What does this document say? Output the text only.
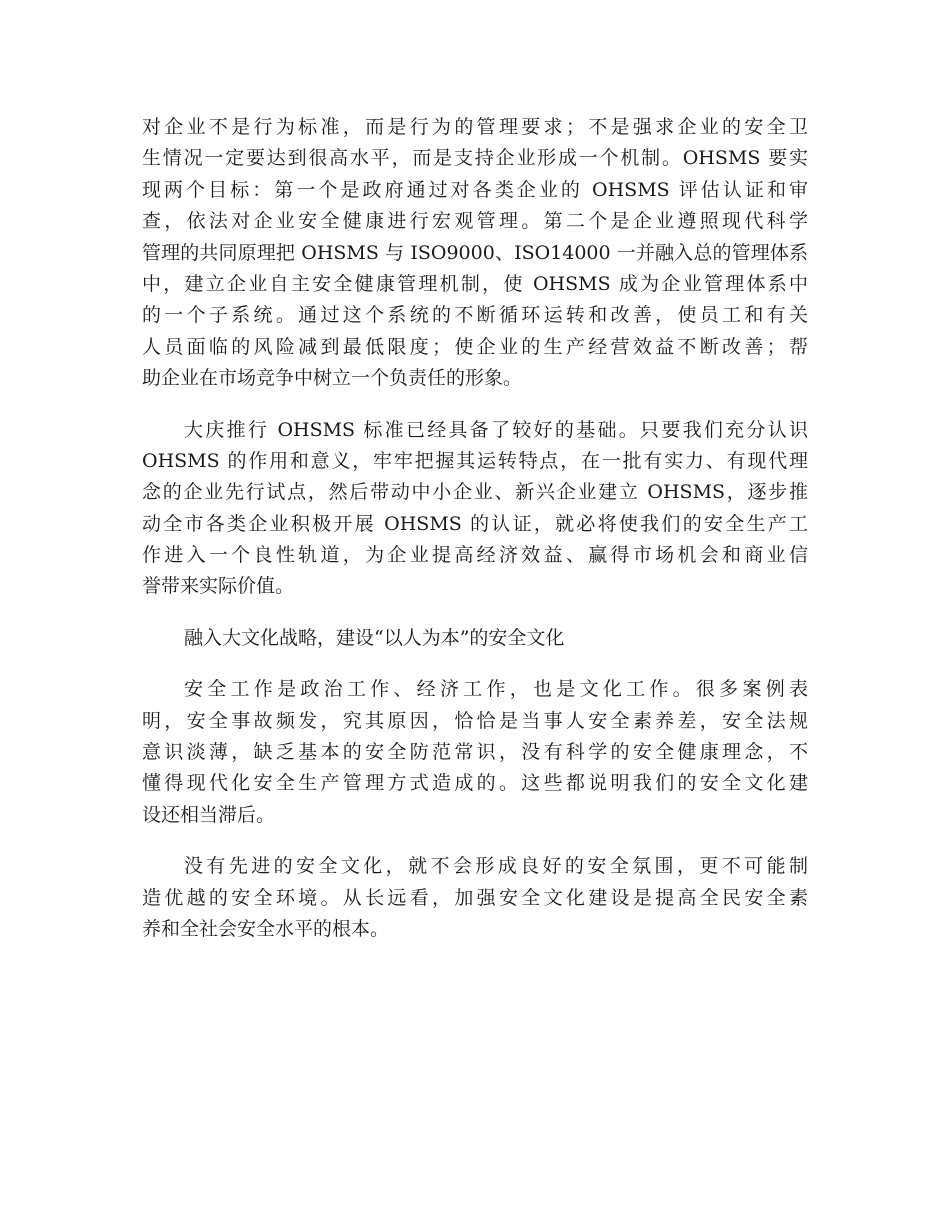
对企业不是行为标准，而是行为的管理要求；不是强求企业的安全卫
生情况一定要达到很高水平，而是支持企业形成一个机制。OHSMS 要实
现两个目标：第一个是政府通过对各类企业的 OHSMS 评估认证和审
查，依法对企业安全健康进行宏观管理。第二个是企业遵照现代科学
管理的共同原理把 OHSMS 与 ISO9000、ISO14000 一并融入总的管理体系
中，建立企业自主安全健康管理机制，使 OHSMS 成为企业管理体系中
的一个子系统。通过这个系统的不断循环运转和改善，使员工和有关
人员面临的风险减到最低限度；使企业的生产经营效益不断改善；帮
助企业在市场竞争中树立一个负责任的形象。
大庆推行 OHSMS 标准已经具备了较好的基础。只要我们充分认识
OHSMS 的作用和意义，牢牢把握其运转特点，在一批有实力、有现代理
念的企业先行试点，然后带动中小企业、新兴企业建立 OHSMS，逐步推
动全市各类企业积极开展 OHSMS 的认证，就必将使我们的安全生产工
作进入一个良性轨道，为企业提高经济效益、赢得市场机会和商业信
誉带来实际价值。
融入大文化战略，建设“以人为本”的安全文化
安全工作是政治工作、经济工作，也是文化工作。很多案例表
明，安全事故频发，究其原因，恰恰是当事人安全素养差，安全法规
意识淡薄，缺乏基本的安全防范常识，没有科学的安全健康理念，不
懂得现代化安全生产管理方式造成的。这些都说明我们的安全文化建
设还相当滞后。
没有先进的安全文化，就不会形成良好的安全氛围，更不可能制
造优越的安全环境。从长远看，加强安全文化建设是提高全民安全素
养和全社会安全水平的根本。
